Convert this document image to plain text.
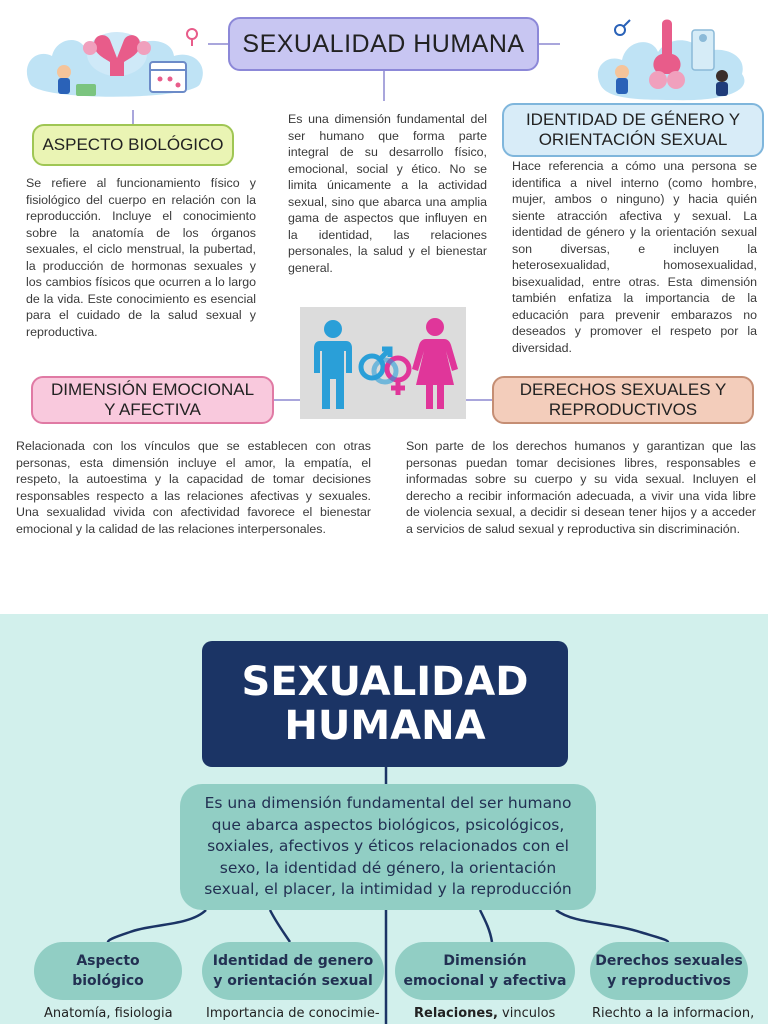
SEXUALIDAD HUMANA
ASPECTO BIOLÓGICO
IDENTIDAD DE GÉNERO Y
ORIENTACIÓN SEXUAL
DIMENSIÓN EMOCIONAL
Y AFECTIVA
DERECHOS SEXUALES Y
REPRODUCTIVOS

Se refiere al funcionamiento físico y fisiológico del cuerpo en relación con la reproducción. Incluye el conocimiento sobre la anatomía de los órganos sexuales, el ciclo menstrual, la pubertad, la producción de hormonas sexuales y los cambios físicos que ocurren a lo largo de la vida. Este conocimiento es esencial para el cuidado de la salud sexual y reproductiva.

Es una dimensión fundamental del ser humano que forma parte integral de su desarrollo físico, emocional, social y ético. No se limita únicamente a la actividad sexual, sino que abarca una amplia gama de aspectos que influyen en la identidad, las relaciones personales, la salud y el bienestar general.

Hace referencia a cómo una persona se identifica a nivel interno (como hombre, mujer, ambos o ninguno) y hacia quién siente atracción afectiva y sexual. La identidad de género y la orientación sexual son diversas, e incluyen la heterosexualidad, homosexualidad, bisexualidad, entre otras. Esta dimensión también enfatiza la importancia de la educación para prevenir embarazos no deseados y promover el respeto por la diversidad.

Relacionada con los vínculos que se establecen con otras personas, esta dimensión incluye el amor, la empatía, el respeto, la autoestima y la capacidad de tomar decisiones responsables respecto a las relaciones afectivas y sexuales. Una sexualidad vivida con afectividad favorece el bienestar emocional y la calidad de las relaciones interpersonales.

Son parte de los derechos humanos y garantizan que las personas puedan tomar decisiones libres, responsables e informadas sobre su cuerpo y su vida sexual. Incluyen el derecho a recibir información adecuada, a vivir una vida libre de violencia sexual, a decidir si desean tener hijos y a acceder a servicios de salud sexual y reproductiva sin discriminación.

SEXUALIDAD
HUMANA
Es una dimensión fundamental del ser humano que abarca aspectos biológicos, psicológicos, soxiales, afectivos y éticos relacionados con el sexo, la identidad dé género, la orientación sexual, el placer, la intimidad y la reproducción
Aspecto
biológico
Identidad de genero
y orientación sexual
Dimensión
emocional y afectiva
Derechos sexuales
y reproductivos
Anatomía, fisiologia	Importancia de conocimie-	Relaciones, vinculos	Riechto a la informacion,
